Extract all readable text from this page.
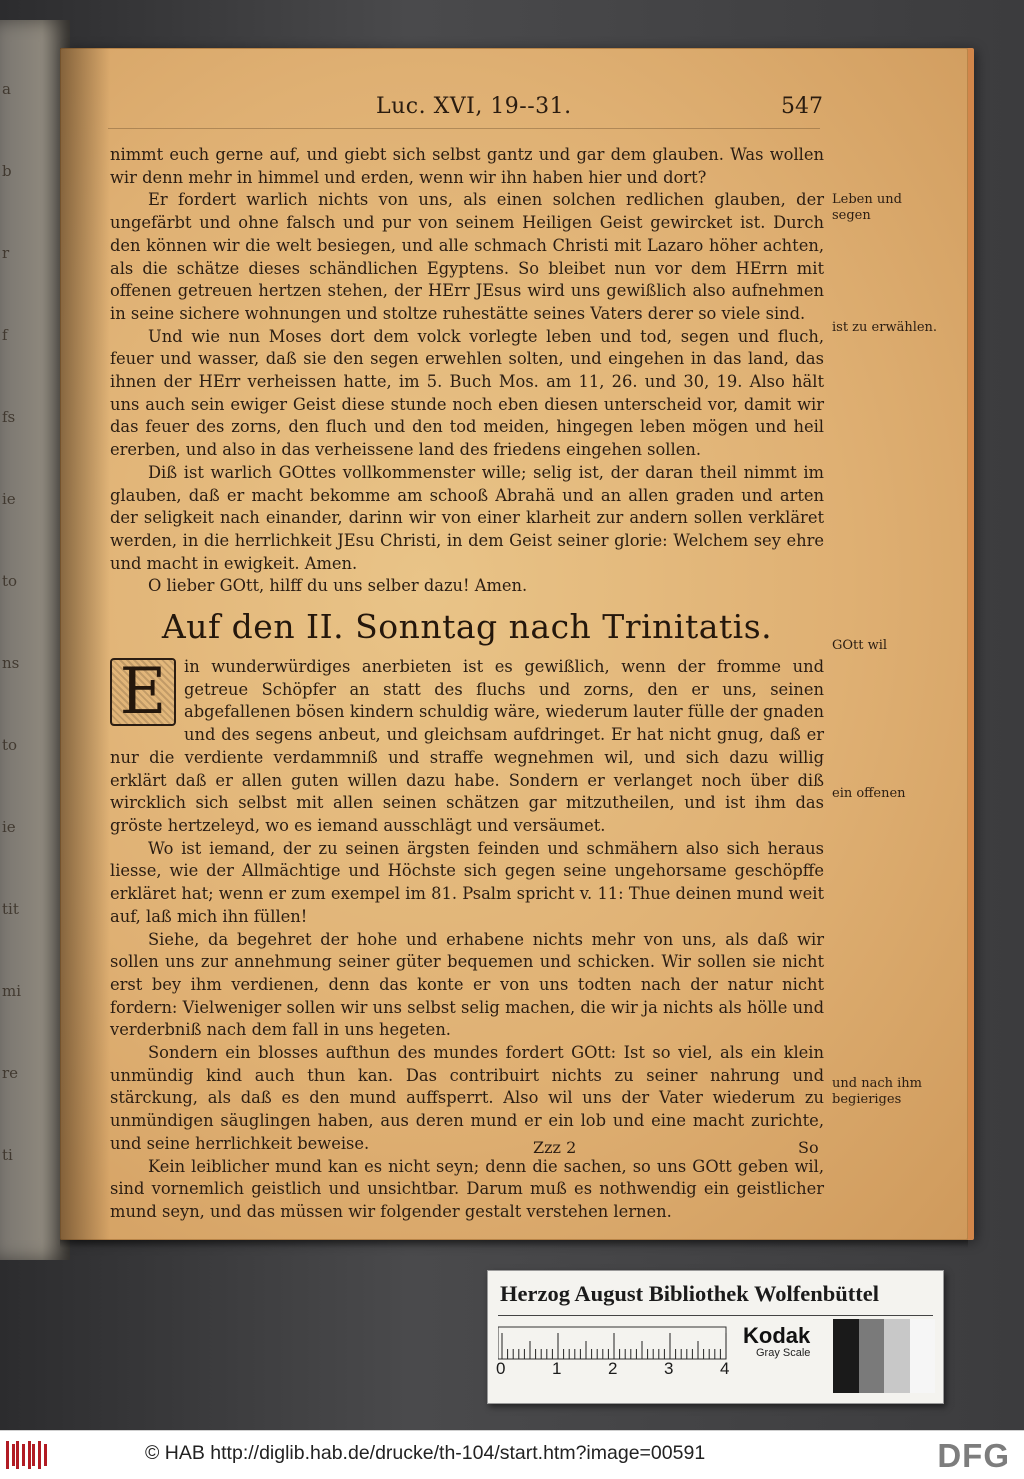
a
b
r
f
fs
ie
to
ns
to
ie
tit
mi
re
ti
Luc. XVI, 19--31.	547

nimmt euch gerne auf, und giebt sich selbst gantz und gar dem glauben. Was wollen wir denn mehr in himmel und erden, wenn wir ihn haben hier und dort?

Er fordert warlich nichts von uns, als einen solchen redlichen glauben, der ungefärbt und ohne falsch und pur von seinem Heiligen Geist gewircket ist. Durch den können wir die welt besiegen, und alle schmach Christi mit Lazaro höher achten, als die schätze dieses schändlichen Egyptens. So bleibet nun vor dem HErrn mit offenen getreuen hertzen stehen, der HErr JEsus wird uns gewißlich also aufnehmen in seine sichere wohnungen und stoltze ruhestätte seines Vaters derer so viele sind.

Und wie nun Moses dort dem volck vorlegte leben und tod, segen und fluch, feuer und wasser, daß sie den segen erwehlen solten, und eingehen in das land, das ihnen der HErr verheissen hatte, im 5. Buch Mos. am 11, 26. und 30, 19. Also hält uns auch sein ewiger Geist diese stunde noch eben diesen unterscheid vor, damit wir das feuer des zorns, den fluch und den tod meiden, hingegen leben mögen und heil ererben, und also in das verheissene land des friedens eingehen sollen.

Diß ist warlich GOttes vollkommenster wille; selig ist, der daran theil nimmt im glauben, daß er macht bekomme am schooß Abrahä und an allen graden und arten der seligkeit nach einander, darinn wir von einer klarheit zur andern sollen verkläret werden, in die herrlichkeit JEsu Christi, in dem Geist seiner glorie: Welchem sey ehre und macht in ewigkeit. Amen.

O lieber GOtt, hilff du uns selber dazu! Amen.

Auf den II. Sonntag nach Trinitatis.

E	in wunderwürdiges anerbieten ist es gewißlich, wenn der fromme und getreue Schöpfer an statt des fluchs und zorns, den er uns, seinen abgefallenen bösen kindern schuldig wäre, wiederum lauter fülle der gnaden und des segens anbeut, und gleichsam aufdringet. Er hat nicht gnug, daß er nur die verdiente verdammniß und straffe wegnehmen wil, und sich dazu willig erklärt daß er allen guten willen dazu habe. Sondern er verlanget noch über diß wircklich sich selbst mit allen seinen schätzen gar mitzutheilen, und ist ihm das gröste hertzeleyd, wo es iemand ausschlägt und versäumet.

Wo ist iemand, der zu seinen ärgsten feinden und schmähern also sich heraus liesse, wie der Allmächtige und Höchste sich gegen seine ungehorsame geschöpffe erkläret hat; wenn er zum exempel im 81. Psalm spricht v. 11: Thue deinen mund weit auf, laß mich ihn füllen!

Siehe, da begehret der hohe und erhabene nichts mehr von uns, als daß wir sollen uns zur annehmung seiner güter bequemen und schicken. Wir sollen sie nicht erst bey ihm verdienen, denn das konte er von uns todten nach der natur nicht fordern: Vielweniger sollen wir uns selbst selig machen, die wir ja nichts als hölle und verderbniß nach dem fall in uns hegeten.

Sondern ein blosses aufthun des mundes fordert GOtt: Ist so viel, als ein klein unmündig kind auch thun kan. Das contribuirt nichts zu seiner nahrung und stärckung, als daß es den mund auffsperrt. Also wil uns der Vater wiederum zu unmündigen säuglingen haben, aus deren mund er ein lob und eine macht zurichte, und seine herrlichkeit beweise.

Kein leiblicher mund kan es nicht seyn; denn die sachen, so uns GOtt geben wil, sind vornemlich geistlich und unsichtbar. Darum muß es nothwendig ein geistlicher mund seyn, und das müssen wir folgender gestalt verstehen lernen.

Leben und segen
ist zu erwählen.
GOtt wil
ein offenen
und nach ihm begieriges
Zzz 2	So
Herzog August Bibliothek Wolfenbüttel
0	1	2	3	4
Kodak
Gray Scale
© HAB http://diglib.hab.de/drucke/th-104/start.htm?image=00591	DFG
